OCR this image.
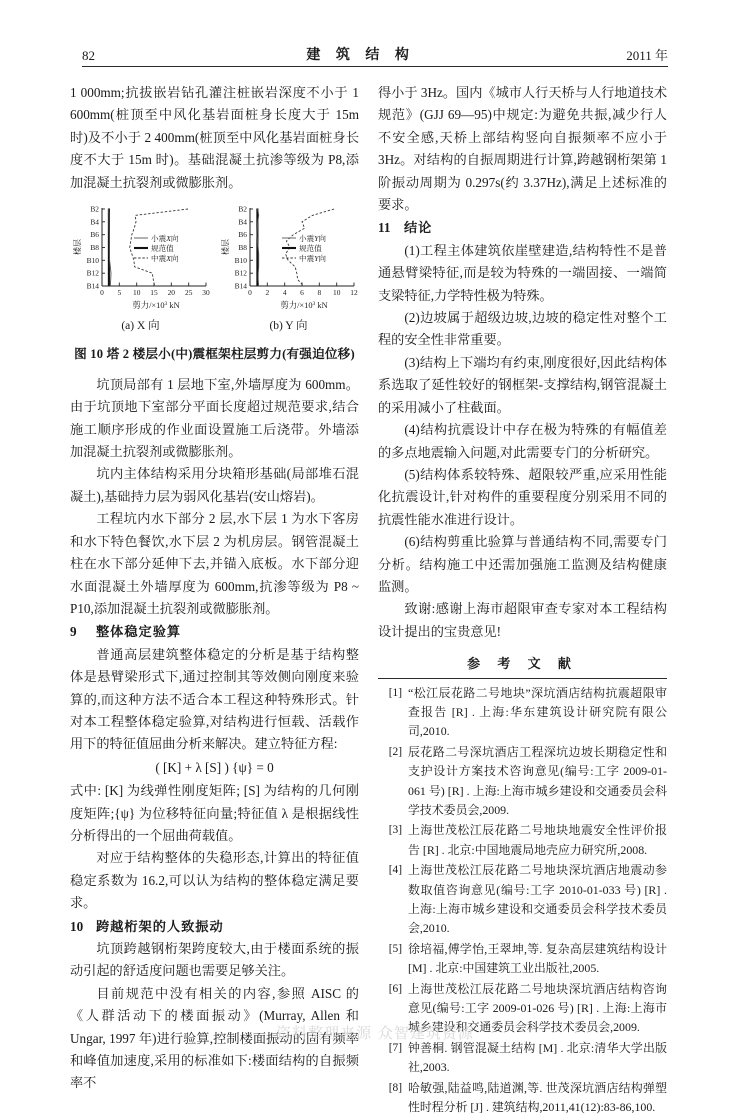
82	建 筑 结 构	2011 年

1 000mm;抗拔嵌岩钻孔灌注桩嵌岩深度不小于 1 600mm(桩顶至中风化基岩面桩身长度大于 15m 时)及不小于 2 400mm(桩顶至中风化基岩面桩身长度不大于 15m 时)。基础混凝土抗渗等级为 P8,添加混凝土抗裂剂或微膨胀剂。

0 5 10 15 20 25 30
B2
B4
B6
B8
B10
B12
B14
楼层
剪力$/\times 10^3$ kN
小震X向
规范值
中震X向
(a) X 向
0 2 4 6 8 10 12
B2
B4
B6
B8
B10
B12
B14
楼层
剪力$/\times 10^3$ kN
小震Y向
规范值
中震Y向
(b) Y 向
图 10 塔 2 楼层小(中)震框架柱层剪力(有强迫位移)

坑顶局部有 1 层地下室,外墙厚度为 600mm。由于坑顶地下室部分平面长度超过规范要求,结合施工顺序形成的作业面设置施工后浇带。外墙添加混凝土抗裂剂或微膨胀剂。

坑内主体结构采用分块箱形基础(局部堆石混凝土),基础持力层为弱风化基岩(安山熔岩)。

工程坑内水下部分 2 层,水下层 1 为水下客房和水下特色餐饮,水下层 2 为机房层。钢管混凝土柱在水下部分延伸下去,并锚入底板。水下部分迎水面混凝土外墙厚度为 600mm,抗渗等级为 P8 ~ P10,添加混凝土抗裂剂或微膨胀剂。

9	整体稳定验算

普通高层建筑整体稳定的分析是基于结构整体是悬臂梁形式下,通过控制其等效侧向刚度来验算的,而这种方法不适合本工程这种特殊形式。针对本工程整体稳定验算,对结构进行恒载、活载作用下的特征值屈曲分析来解决。建立特征方程:

( [K] + λ [S] ) {ψ} = 0

式中: [K] 为线弹性刚度矩阵; [S] 为结构的几何刚度矩阵;{ψ} 为位移特征向量;特征值 λ 是根据线性分析得出的一个屈曲荷载值。

对应于结构整体的失稳形态,计算出的特征值稳定系数为 16.2,可以认为结构的整体稳定满足要求。

10 跨越桁架的人致振动

坑顶跨越钢桁架跨度较大,由于楼面系统的振动引起的舒适度问题也需要足够关注。

目前规范中没有相关的内容,参照 AISC 的《人群活动下的楼面振动》(Murray, Allen 和 Ungar, 1997 年)进行验算,控制楼面振动的固有频率和峰值加速度,采用的标准如下:楼面结构的自振频率不

得小于 3Hz。国内《城市人行天桥与人行地道技术规范》(GJJ 69—95)中规定:为避免共振,减少行人不安全感,天桥上部结构竖向自振频率不应小于 3Hz。对结构的自振周期进行计算,跨越钢桁架第 1 阶振动周期为 0.297s(约 3.37Hz),满足上述标准的要求。

11	结论

(1)工程主体建筑依崖壁建造,结构特性不是普通悬臂梁特征,而是较为特殊的一端固接、一端简支梁特征,力学特性极为特殊。

(2)边坡属于超级边坡,边坡的稳定性对整个工程的安全性非常重要。

(3)结构上下端均有约束,刚度很好,因此结构体系选取了延性较好的钢框架-支撑结构,钢管混凝土的采用减小了柱截面。

(4)结构抗震设计中存在极为特殊的有幅值差的多点地震输入问题,对此需要专门的分析研究。

(5)结构体系较特殊、超限较严重,应采用性能化抗震设计,针对构件的重要程度分别采用不同的抗震性能水准进行设计。

(6)结构剪重比验算与普通结构不同,需要专门分析。结构施工中还需加强施工监测及结构健康监测。

致谢:感谢上海市超限审查专家对本工程结构设计提出的宝贵意见!

参 考 文 献

[1] “松江辰花路二号地块”深坑酒店结构抗震超限审查报告 [R] . 上海:华东建筑设计研究院有限公司,2010.
[2] 辰花路二号深坑酒店工程深坑边坡长期稳定性和支护设计方案技术咨询意见(编号:工字 2009-01-061 号) [R] . 上海:上海市城乡建设和交通委员会科学技术委员会,2009.
[3] 上海世茂松江辰花路二号地块地震安全性评价报告 [R] . 北京:中国地震局地壳应力研究所,2008.
[4] 上海世茂松江辰花路二号地块深坑酒店地震动参数取值咨询意见(编号:工字 2010-01-033 号) [R] . 上海:上海市城乡建设和交通委员会科学技术委员会,2010.
[5] 徐培福,傅学怡,王翠坤,等. 复杂高层建筑结构设计 [M] . 北京:中国建筑工业出版社,2005.
[6] 上海世茂松江辰花路二号地块深坑酒店结构咨询意见(编号:工字 2009-01-026 号) [R] . 上海:上海市城乡建设和交通委员会科学技术委员会,2009.
[7] 钟善桐. 钢管混凝土结构 [M] . 北京:清华大学出版社,2003.
[8] 哈敏强,陆益鸣,陆道渊,等. 世茂深坑酒店结构弹塑性时程分析 [J] . 建筑结构,2011,41(12):83-86,100.
资料整理来源 众智建筑资源
